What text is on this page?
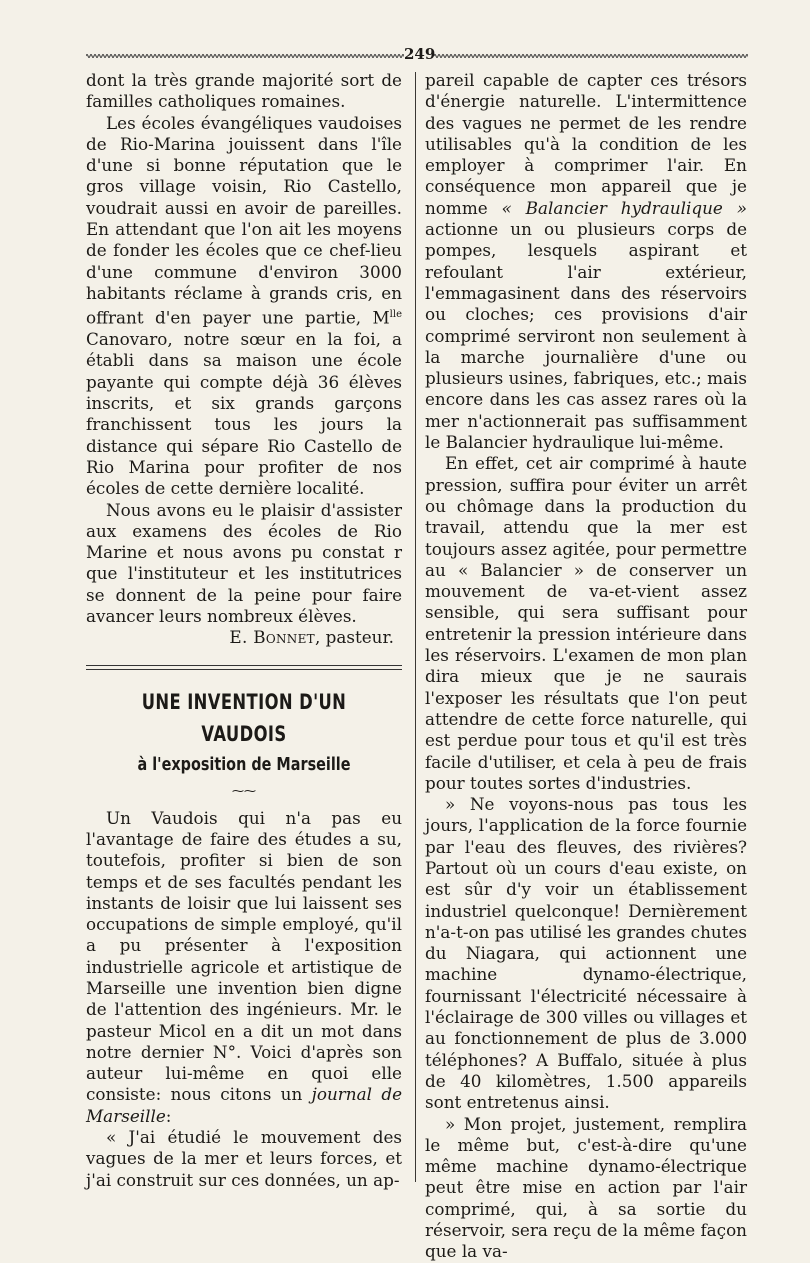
249

dont la très grande majorité sort de familles catholiques romaines.

Les écoles évangéliques vaudoises de Rio-Marina jouissent dans l'île d'une si bonne réputation que le gros village voisin, Rio Castello, voudrait aussi en avoir de pareilles. En attendant que l'on ait les moyens de fonder les écoles que ce chef-lieu d'une commune d'environ 3000 habitants réclame à grands cris, en offrant d'en payer une partie, $M^{lle}$ Canovaro, notre sœur en la foi, a établi dans sa maison une école payante qui compte déjà 36 élèves inscrits, et six grands garçons franchissent tous les jours la distance qui sépare Rio Castello de Rio Marina pour profiter de nos écoles de cette dernière localité.

Nous avons eu le plaisir d'assister aux examens des écoles de Rio Marine et nous avons pu constat r que l'instituteur et les institutrices se donnent de la peine pour faire avancer leurs nombreux élèves.

E. Bonnet, pasteur.

UNE INVENTION D'UN VAUDOIS
à l'exposition de Marseille
⁓⁓

Un Vaudois qui n'a pas eu l'avantage de faire des études a su, toutefois, profiter si bien de son temps et de ses facultés pendant les instants de loisir que lui laissent ses occupations de simple employé, qu'il a pu présenter à l'exposition industrielle agricole et artistique de Marseille une invention bien digne de l'attention des ingénieurs. Mr. le pasteur Micol en a dit un mot dans notre dernier N°. Voici d'après son auteur lui-même en quoi elle consiste: nous citons un journal de Marseille:

« J'ai étudié le mouvement des vagues de la mer et leurs forces, et j'ai construit sur ces données, un ap-

pareil capable de capter ces trésors d'énergie naturelle. L'intermittence des vagues ne permet de les rendre utilisables qu'à la condition de les employer à comprimer l'air. En conséquence mon appareil que je nomme « Balancier hydraulique » actionne un ou plusieurs corps de pompes, lesquels aspirant et refoulant l'air extérieur, l'emmagasinent dans des réservoirs ou cloches; ces provisions d'air comprimé serviront non seulement à la marche journalière d'une ou plusieurs usines, fabriques, etc.; mais encore dans les cas assez rares où la mer n'actionnerait pas suffisamment le Balancier hydraulique lui-même.

En effet, cet air comprimé à haute pression, suffira pour éviter un arrêt ou chômage dans la production du travail, attendu que la mer est toujours assez agitée, pour permettre au « Balancier » de conserver un mouvement de va-et-vient assez sensible, qui sera suffisant pour entretenir la pression intérieure dans les réservoirs. L'examen de mon plan dira mieux que je ne saurais l'exposer les résultats que l'on peut attendre de cette force naturelle, qui est perdue pour tous et qu'il est très facile d'utiliser, et cela à peu de frais pour toutes sortes d'industries.

» Ne voyons-nous pas tous les jours, l'application de la force fournie par l'eau des fleuves, des rivières? Partout où un cours d'eau existe, on est sûr d'y voir un établissement industriel quelconque! Dernièrement n'a-t-on pas utilisé les grandes chutes du Niagara, qui actionnent une machine dynamo-électrique, fournissant l'électricité nécessaire à l'éclairage de 300 villes ou villages et au fonctionnement de plus de 3.000 téléphones? A Buffalo, située à plus de 40 kilomètres, 1.500 appareils sont entretenus ainsi.

» Mon projet, justement, remplira le même but, c'est-à-dire qu'une même machine dynamo-électrique peut être mise en action par l'air comprimé, qui, à sa sortie du réservoir, sera reçu de la même façon que la va-
